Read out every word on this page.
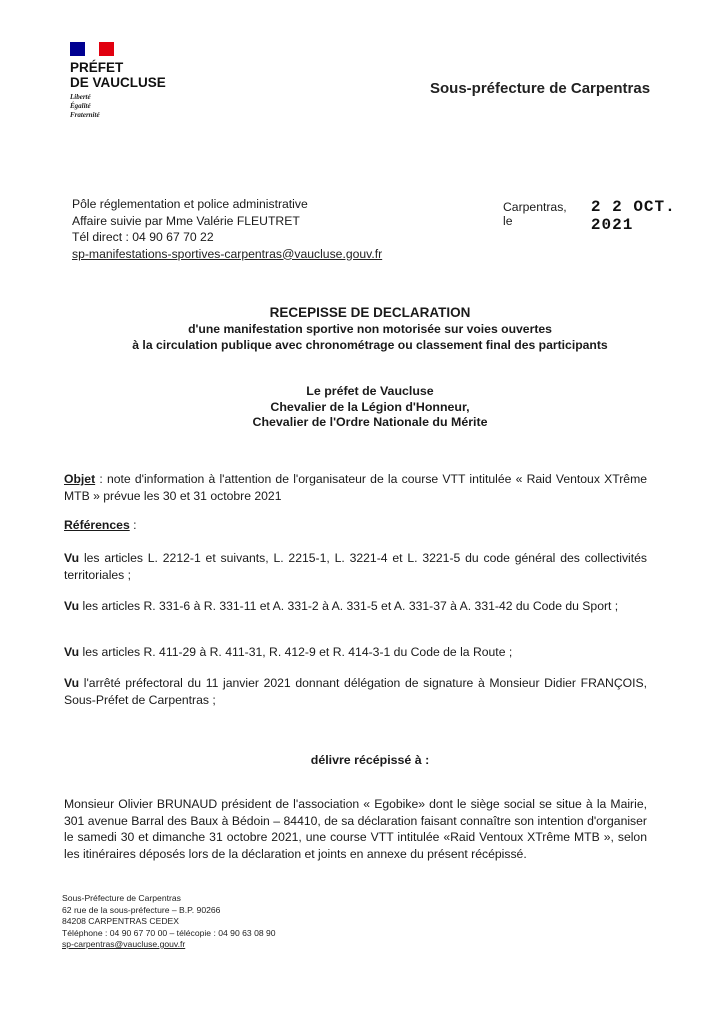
PRÉFET
DE VAUCLUSE
Liberté
Égalité
Fraternité
Sous-préfecture de Carpentras
Pôle réglementation et police administrative
Affaire suivie par Mme Valérie FLEUTRET
Tél direct : 04 90 67 70 22
sp-manifestations-sportives-carpentras@vaucluse.gouv.fr
Carpentras, le
2 2 OCT. 2021
RECEPISSE DE DECLARATION
d'une manifestation sportive non motorisée sur voies ouvertes
à la circulation publique avec chronométrage ou classement final des participants
Le préfet de Vaucluse
Chevalier de la Légion d'Honneur,
Chevalier de l'Ordre Nationale du Mérite
Objet : note d'information à l'attention de l'organisateur de la course VTT intitulée « Raid Ventoux XTrême MTB » prévue les 30 et 31 octobre 2021
Références :
Vu les articles L. 2212-1 et suivants, L. 2215-1, L. 3221-4 et L. 3221-5 du code général des collectivités territoriales ;
Vu les articles R. 331-6 à R. 331-11 et A. 331-2 à A. 331-5 et A. 331-37 à A. 331-42 du Code du Sport ;
Vu les articles R. 411-29 à R. 411-31, R. 412-9 et R. 414-3-1 du Code de la Route ;
Vu l'arrêté préfectoral du 11 janvier 2021 donnant délégation de signature à Monsieur Didier FRANÇOIS, Sous-Préfet de Carpentras ;
délivre récépissé à :
Monsieur Olivier BRUNAUD président de l'association « Egobike» dont le siège social se situe à la Mairie, 301 avenue Barral des Baux à Bédoin – 84410, de sa déclaration faisant connaître son intention d'organiser le samedi 30 et dimanche 31 octobre 2021, une course VTT intitulée «Raid Ventoux XTrême MTB », selon les itinéraires déposés lors de la déclaration et joints en annexe du présent récépissé.
Sous-Préfecture de Carpentras
62 rue de la sous-préfecture – B.P. 90266
84208 CARPENTRAS CEDEX
Téléphone : 04 90 67 70 00 – télécopie : 04 90 63 08 90
sp-carpentras@vaucluse.gouv.fr
